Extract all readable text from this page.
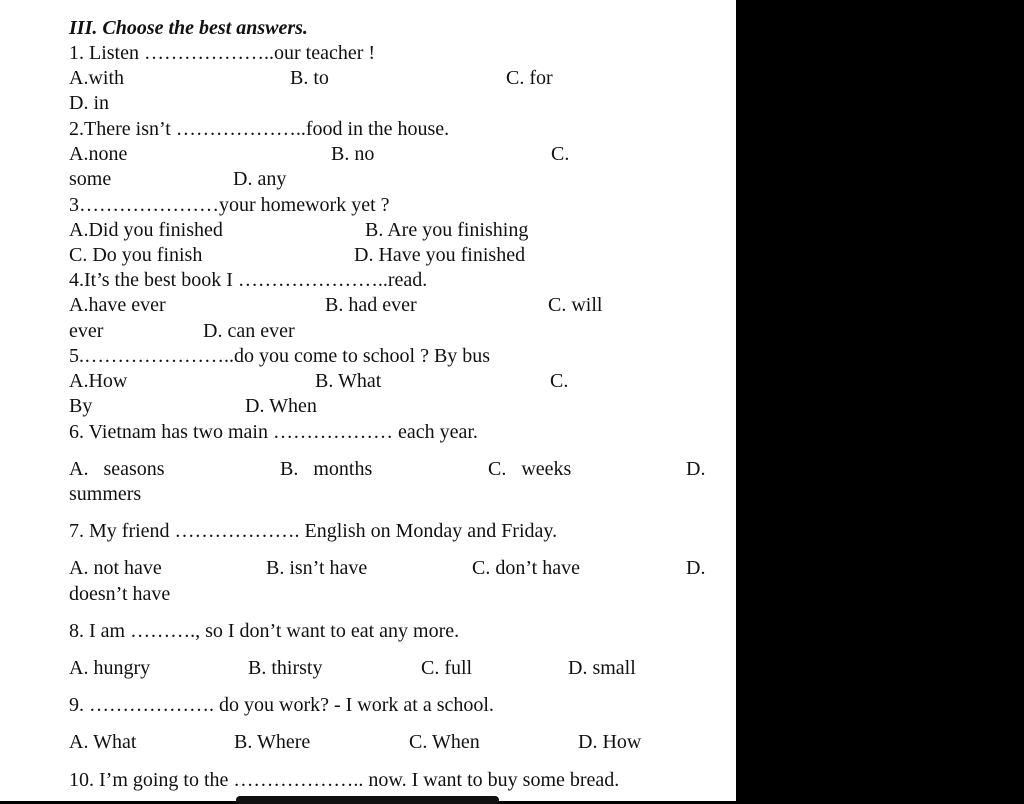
III. Choose the best answers.
1. Listen ………………..our teacher !
A.with	B. to	C. for
D. in
2.There isn’t ………………..food in the house.
A.none	B. no	C.
some	D. any
3…………………your homework yet ?
A.Did you finished	B. Are you finishing
C. Do you finish	D. Have you finished
4.It’s the best book I …………………..read.
A.have ever	B. had ever	C. will
ever	D. can ever
5.…………………..do you come to school ? By bus
A.How	B. What	C.
By	D. When
6. Vietnam has two main ……………… each year.
A.   seasons	B.   months	C.   weeks	D.
summers
7. My friend ………………. English on Monday and Friday.
A. not have	B. isn’t have	C. don’t have	D.
doesn’t have
8. I am ………., so I don’t want to eat any more.
A. hungry	B. thirsty	C. full	D. small
9. ………………. do you work? - I work at a school.
A. What	B. Where	C. When	D. How
10. I’m going to the ……………….. now. I want to buy some bread.
